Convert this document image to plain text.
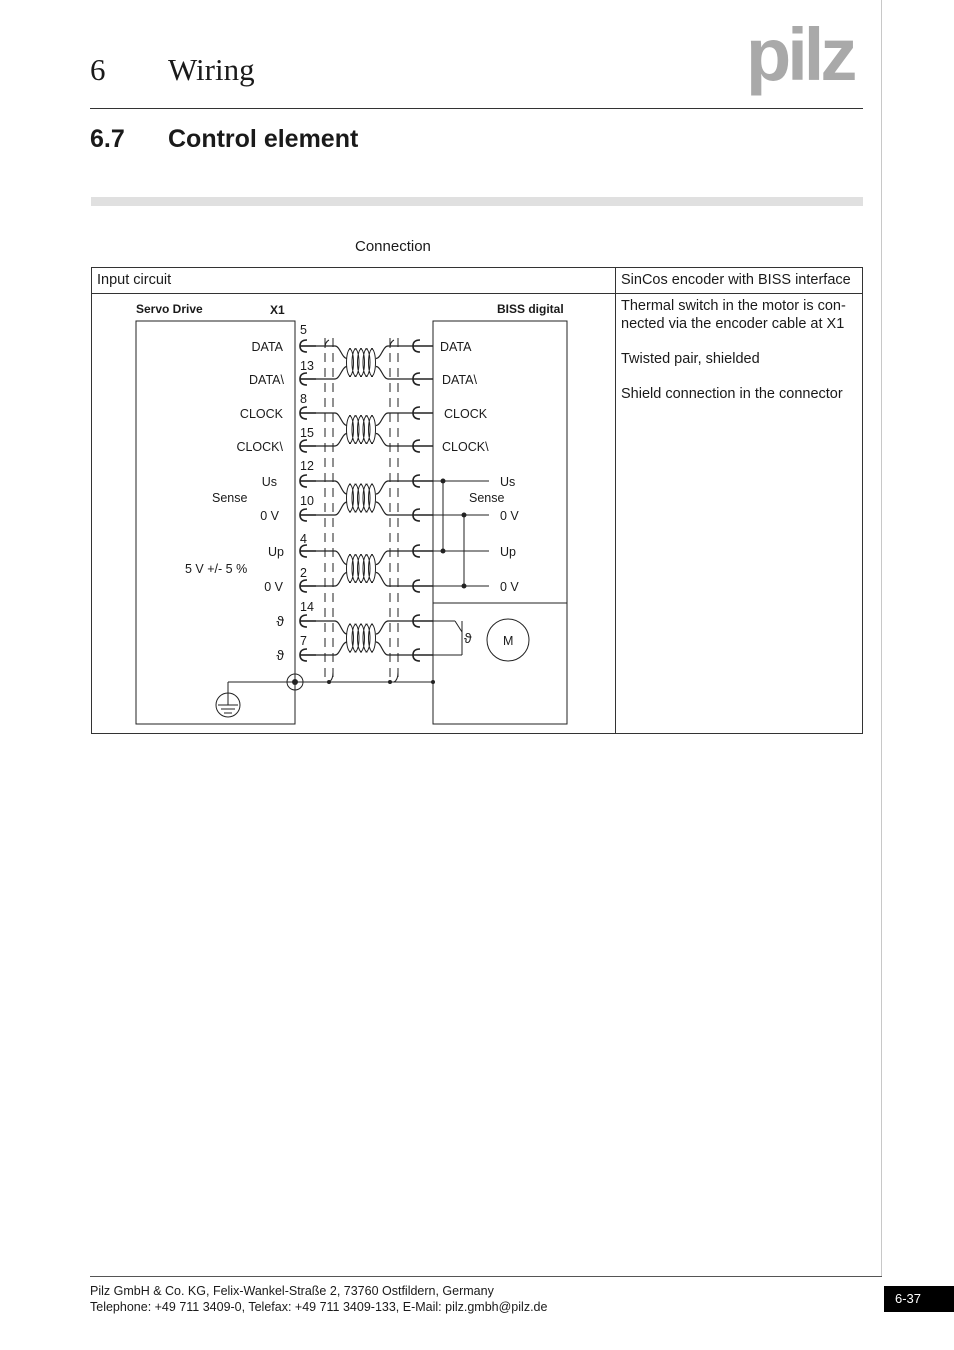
6 Wiring	pilz
6.7 Control element
Connection
Input circuit	SinCos encoder with BISS interface
Thermal switch in the motor is con-
nected via the encoder cable at X1
Twisted pair, shielded
Shield connection in the connector
5
DATA	DATA
13
DATA\	DATA\
8
CLOCK	CLOCK
15
CLOCK\	CLOCK\
12
Us	Us
10
0 V	0 V
4
Up	Up
2
0 V	0 V
14
ϑ
7
ϑ
Servo Drive	X1	BISS digital
Sense	Sense
5 V +/- 5 %
ϑ	M
Pilz GmbH & Co. KG, Felix-Wankel-Straße 2, 73760 Ostfildern, Germany
Telephone: +49 711 3409-0, Telefax: +49 711 3409-133, E-Mail: pilz.gmbh@pilz.de
6-37
